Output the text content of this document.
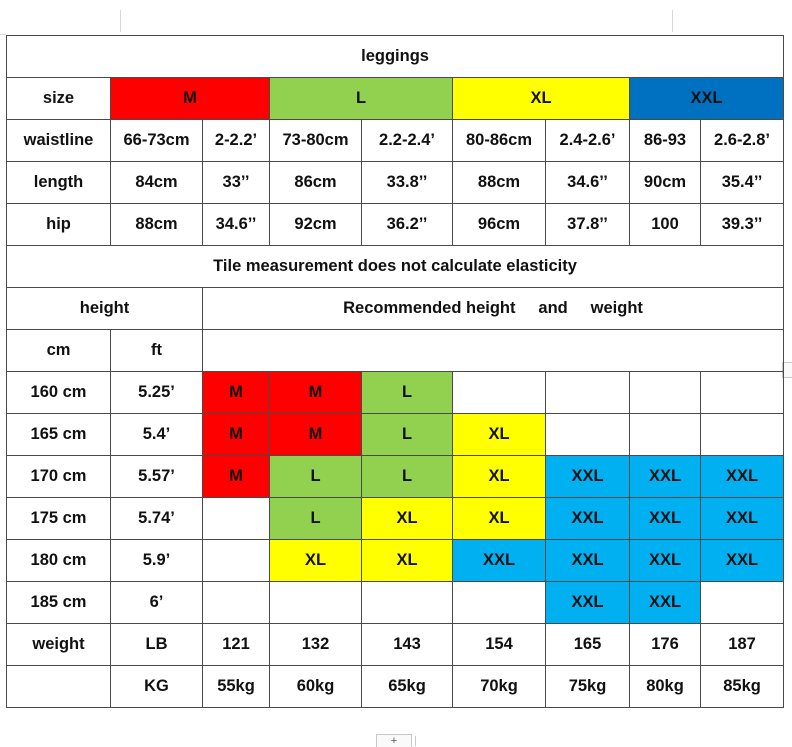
+
leggings								
size	M		L		XL		XXL	
waistline	66-73cm	2-2.2’	73-80cm	2.2-2.4’	80-86cm	2.4-2.6’	86-93	2.6-2.8’
length	84cm	33’’	86cm	33.8’’	88cm	34.6’’	90cm	35.4’’
hip	88cm	34.6’’	92cm	36.2’’	96cm	37.8’’	100	39.3’’
Tile measurement does not calculate elasticity								
height		Recommended height     and     weight						
cm	ft							
160 cm	5.25’	M	M	L				
165 cm	5.4’	M	M	L	XL			
170 cm	5.57’	M	L	L	XL	XXL	XXL	XXL
175 cm	5.74’		L	XL	XL	XXL	XXL	XXL
180 cm	5.9’		XL	XL	XXL	XXL	XXL	XXL
185 cm	6’					XXL	XXL	
weight	LB	121	132	143	154	165	176	187
	KG	55kg	60kg	65kg	70kg	75kg	80kg	85kg
